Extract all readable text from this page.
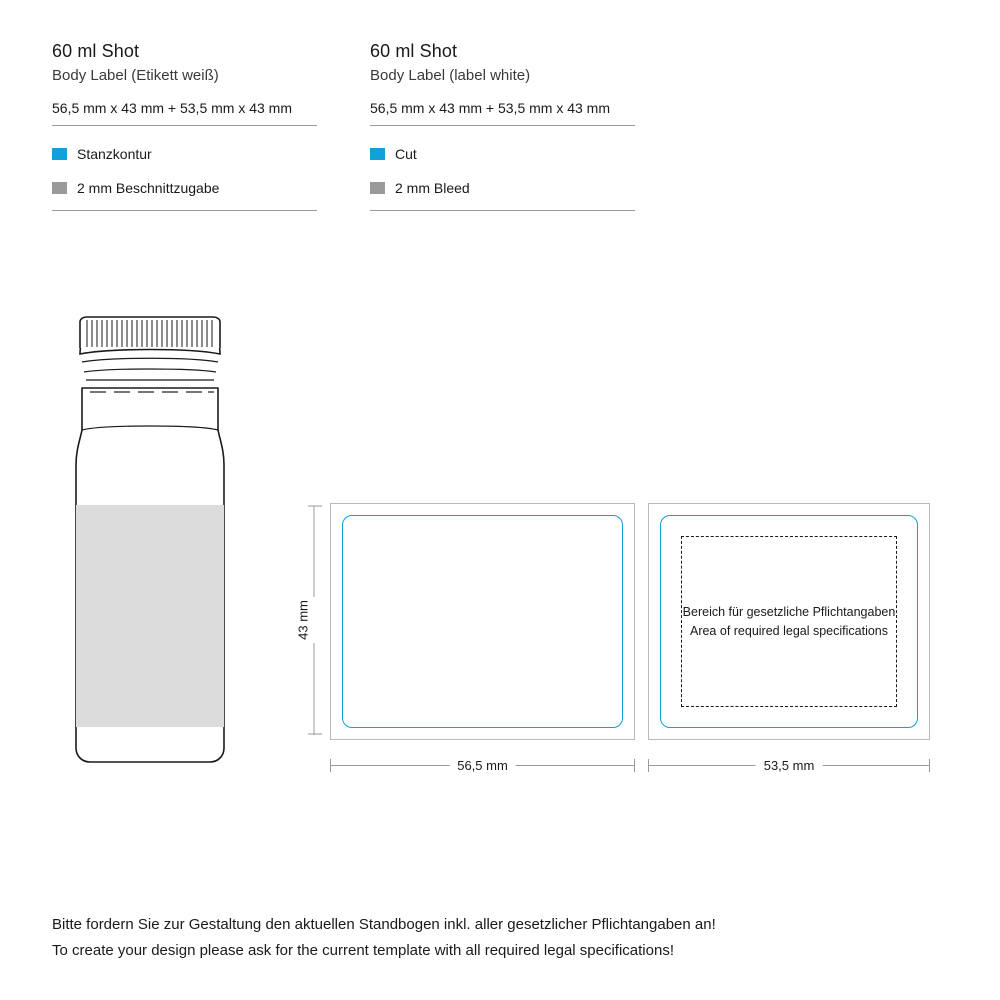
60 ml Shot
Body Label (Etikett weiß)
56,5 mm x 43 mm + 53,5 mm x 43 mm
Stanzkontur
2 mm Beschnittzugabe
60 ml Shot
Body Label (label white)
56,5 mm x 43 mm + 53,5 mm x 43 mm
Cut
2 mm Bleed
43 mm	Bereich für gesetzliche Pflichtangaben
Area of required legal specifications
56,5 mm	53,5 mm
Bitte fordern Sie zur Gestaltung den aktuellen Standbogen inkl. aller gesetzlicher Pflichtangaben an!
To create your design please ask for the current template with all required legal specifications!
